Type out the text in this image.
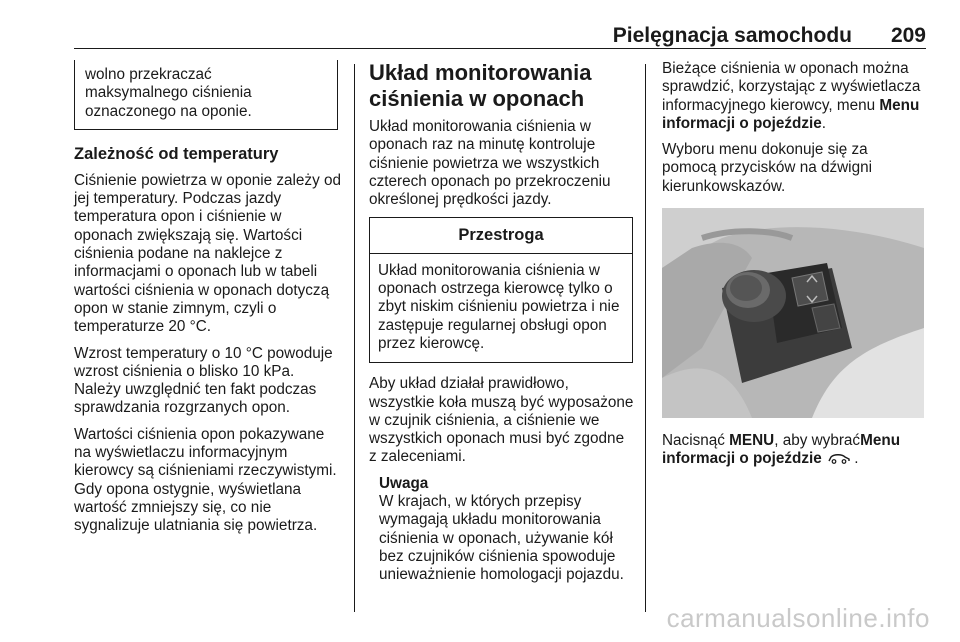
Pielęgnacja samochodu 209

wolno przekraczać

maksymalnego ciśnienia

oznaczonego na oponie.

Zależność od temperatury

Ciśnienie powietrza w oponie zależy od jej temperatury. Podczas jazdy temperatura opon i ciśnienie w oponach zwiększają się. Wartości ciśnienia podane na naklejce z informacjami o oponach lub w tabeli wartości ciśnienia w oponach dotyczą opon w stanie zimnym, czyli o temperaturze 20 °C.

Wzrost temperatury o 10 °C powoduje wzrost ciśnienia o blisko 10 kPa. Należy uwzględnić ten fakt podczas sprawdzania rozgrzanych opon.

Wartości ciśnienia opon pokazywane na wyświetlaczu informacyjnym kierowcy są ciśnieniami rzeczywistymi. Gdy opona ostygnie, wyświetlana wartość zmniejszy się, co nie sygnalizuje ulatniania się powietrza.

Układ monitorowania
ciśnienia w oponach

Układ monitorowania ciśnienia w oponach raz na minutę kontroluje ciśnienie powietrza we wszystkich czterech oponach po przekroczeniu określonej prędkości jazdy.

Przestroga
Układ monitorowania ciśnienia w oponach ostrzega kierowcę tylko o zbyt niskim ciśnieniu powietrza i nie zastępuje regularnej obsługi opon przez kierowcę.

Aby układ działał prawidłowo, wszystkie koła muszą być wyposażone w czujnik ciśnienia, a ciśnienie we wszystkich oponach musi być zgodne z zaleceniami.

Uwaga
W krajach, w których przepisy wymagają układu monitorowania ciśnienia w oponach, używanie kół bez czujników ciśnienia spowoduje unieważnienie homologacji pojazdu.

Bieżące ciśnienia w oponach można sprawdzić, korzystając z wyświetlacza informacyjnego kierowcy, menu Menu informacji o pojeździe.

Wyboru menu dokonuje się za pomocą przycisków na dźwigni kierunkowskazów.

Nacisnąć MENU, aby wybraćMenu informacji o pojeździe  .

carmanualsonline.info
